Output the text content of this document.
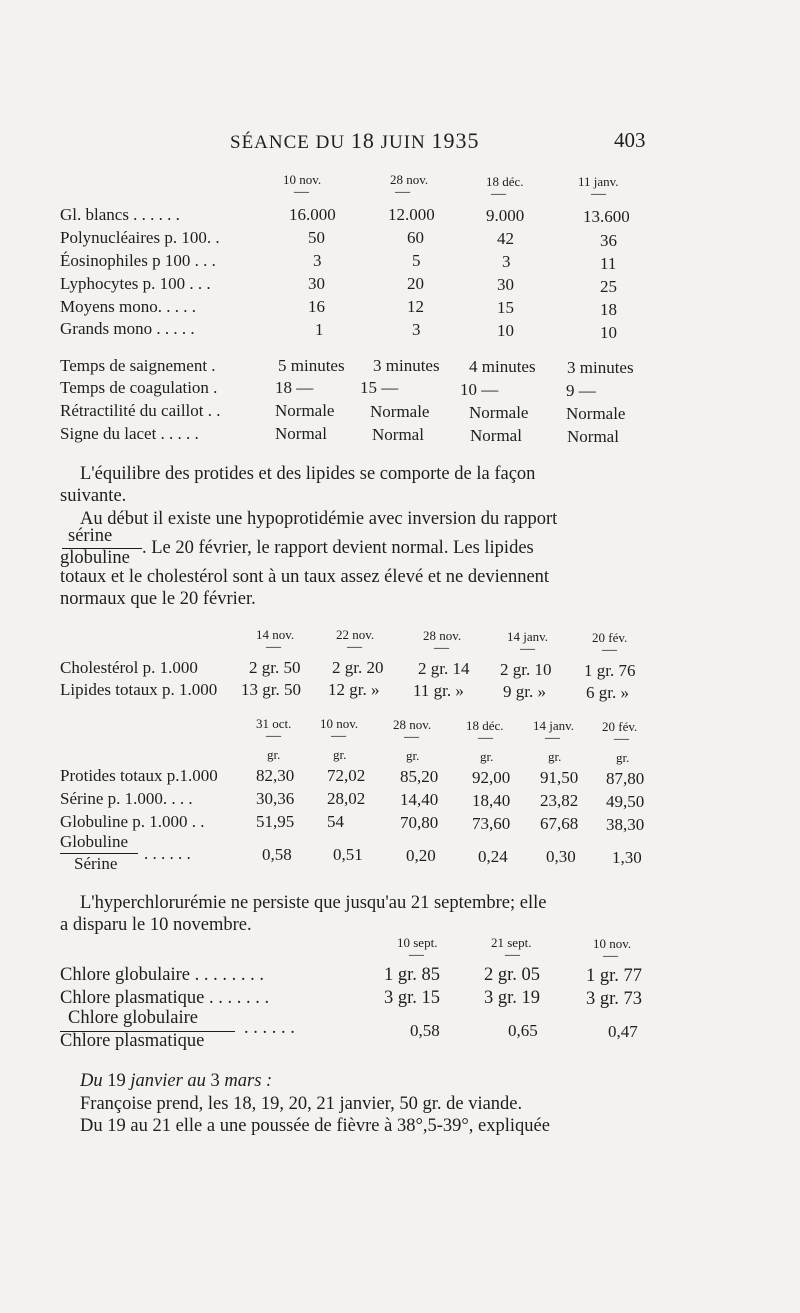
SÉANCE DU 18 JUIN 1935	403
10 nov.	28 nov.	18 déc.	11 janv.
—	—	—	—
Gl. blancs . . . . . .	16.000	12.000	9.000	13.600
Polynucléaires p. 100. .	50	60	42	36
Éosinophiles p 100 . . .	3	5	3	11
Lyphocytes p. 100 . . .	30	20	30	25
Moyens mono. . . . .	16	12	15	18
Grands mono . . . . .	1	3	10	10
Temps de saignement .	5 minutes 3 minutes 4 minutes 3 minutes
Temps de coagulation .	18 —	15 —	10 —	9 —
Rétractilité du caillot . .	Normale Normale Normale Normale
Signe du lacet . . . . .	Normal	Normal	Normal	Normal
L'équilibre des protides et des lipides se comporte de la façon
suivante.
Au début il existe une hypoprotidémie avec inversion du rapport
sérine
globuline . Le 20 février, le rapport devient normal. Les lipides
totaux et le cholestérol sont à un taux assez élevé et ne deviennent
normaux que le 20 février.
14 nov.	22 nov.	28 nov.	14 janv.	20 fév.
—	—	—	—	—
Cholestérol p. 1.000	2 gr. 50 2 gr. 20 2 gr. 14 2 gr. 10 1 gr. 76
Lipides totaux p. 1.000 13 gr. 50 12 gr. » 11 gr. » 9 gr. » 6 gr. »
31 oct. 10 nov.	28 nov.	18 déc. 14 janv. 20 fév.
—	—	—	—	—	—
gr.	gr.	gr.	gr.	gr.	gr.
Protides totaux p.1.000 82,30 72,02 85,20 92,00 91,50 87,80
Sérine p. 1.000. . . .	30,36 28,02 14,40 18,40 23,82 49,50
Globuline p. 1.000 . .	51,95 54	70,80 73,60 67,68 38,30
Globuline
Sérine
. . . . . .	0,58 0,51	0,20 0,24 0,30 1,30
L'hyperchlorurémie ne persiste que jusqu'au 21 septembre; elle
a disparu le 10 novembre.
10 sept.	21 sept.	10 nov.
—	—	—
Chlore globulaire . . . . . . . .	1 gr. 85 2 gr. 05 1 gr. 77
Chlore plasmatique . . . . . . .	3 gr. 15 3 gr. 19 3 gr. 73
Chlore globulaire
Chlore plasmatique
. . . . . .	0,58	0,65	0,47
Du 19 janvier au 3 mars :
Françoise prend, les 18, 19, 20, 21 janvier, 50 gr. de viande.
Du 19 au 21 elle a une poussée de fièvre à 38°,5-39°, expliquée
